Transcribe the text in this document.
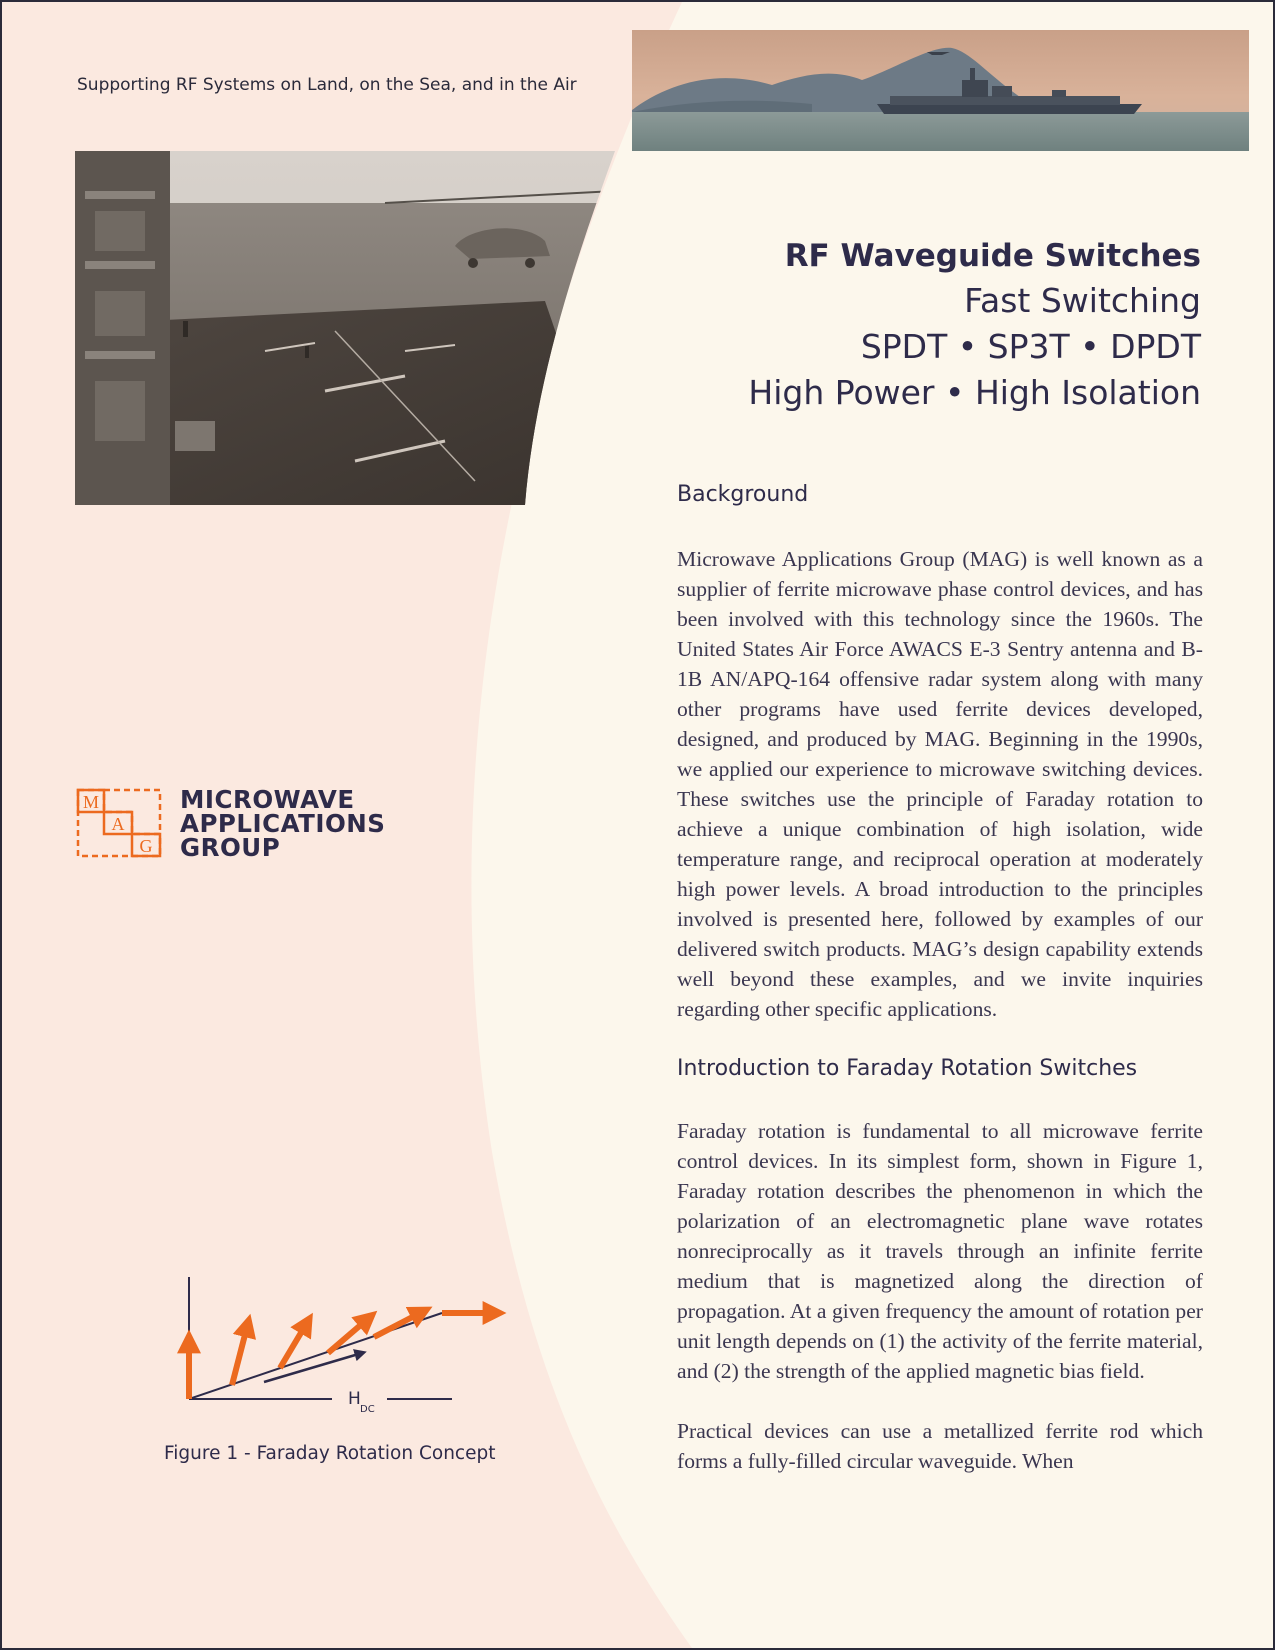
Supporting RF Systems on Land, on the Sea, and in the Air
RF Waveguide Switches
Fast Switching
SPDT • SP3T • DPDT
High Power • High Isolation
Background

Microwave Applications Group (MAG) is well known as a supplier of ferrite microwave phase control devices, and has been involved with this technology since the 1960s. The United States Air Force AWACS E-3 Sentry antenna and B-1B AN/APQ-164 offensive radar system along with many other programs have used ferrite devices developed, designed, and produced by MAG. Beginning in the 1990s, we applied our experience to microwave switching devices. These switches use the principle of Faraday rotation to achieve a unique combination of high isolation, wide temperature range, and reciprocal operation at moderately high power levels. A broad introduction to the principles involved is presented here, followed by examples of our delivered switch products. MAG’s design capability extends well beyond these examples, and we invite inquiries regarding other specific applications.

Introduction to Faraday Rotation Switches

Faraday rotation is fundamental to all microwave ferrite control devices. In its simplest form, shown in Figure 1, Faraday rotation describes the phenomenon in which the polarization of an electromagnetic plane wave rotates nonreciprocally as it travels through an infinite ferrite medium that is magnetized along the direction of propagation. At a given frequency the amount of rotation per unit length depends on (1) the activity of the ferrite material, and (2) the strength of the applied magnetic bias field.

Practical devices can use a metallized ferrite rod which forms a fully-filled circular waveguide. When

M
A
G
MICROWAVE
APPLICATIONS
GROUP
H
DC
Figure 1 - Faraday Rotation Concept
